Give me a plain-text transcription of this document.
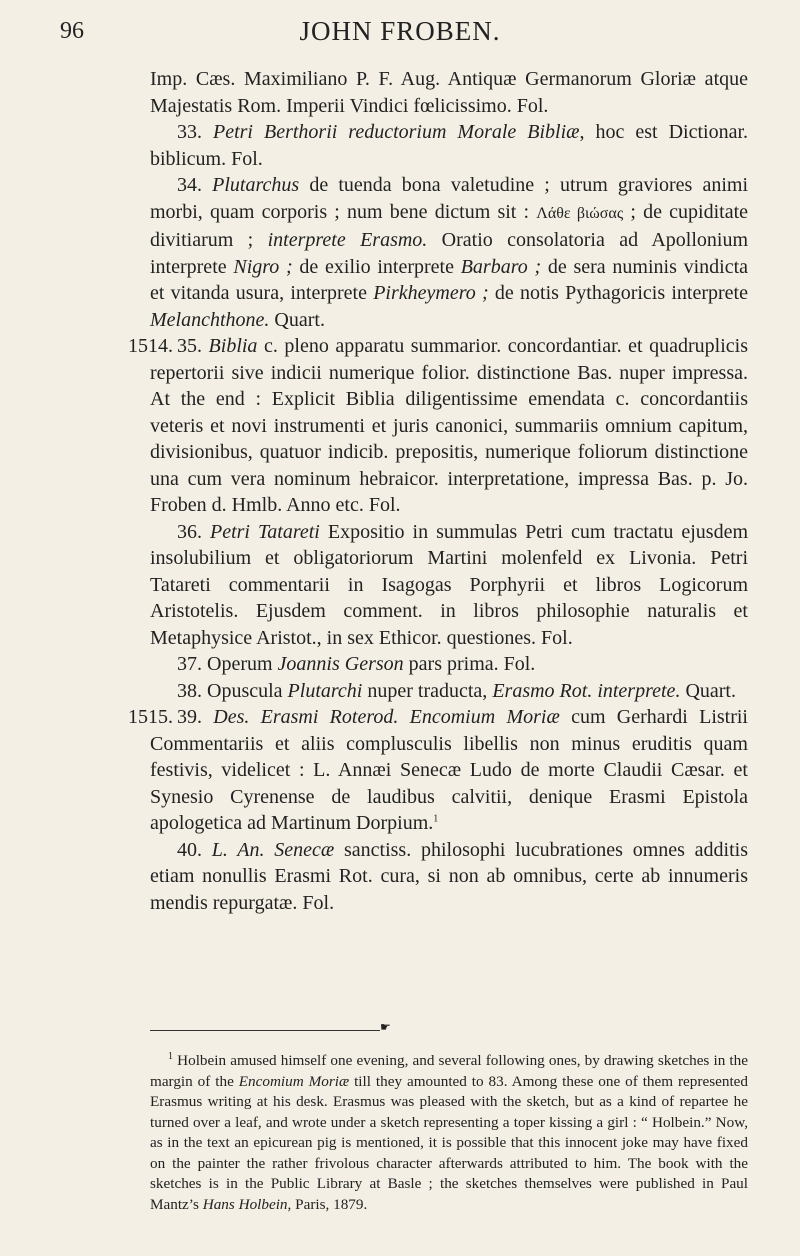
96	JOHN FROBEN.

Imp. Cæs. Maximiliano P. F. Aug. Antiquæ Germanorum Gloriæ atque Majestatis Rom. Imperii Vindici fœlicissimo. Fol.

33. Petri Berthorii reductorium Morale Bibliæ, hoc est Dictionar. biblicum. Fol.

34. Plutarchus de tuenda bona valetudine ; utrum graviores animi morbi, quam corporis ; num bene dictum sit : Λάθε βιώσας ; de cupiditate divitiarum ; interprete Erasmo. Oratio consolatoria ad Apollonium interprete Nigro ; de exilio interprete Barbaro ; de sera numinis vindicta et vitanda usura, interprete Pirkheymero ; de notis Pythagoricis interprete Melanchthone. Quart.

1514. 35. Biblia c. pleno apparatu summarior. concordantiar. et quadruplicis repertorii sive indicii numerique folior. distinctione Bas. nuper impressa. At the end : Explicit Biblia diligentissime emendata c. concordantiis veteris et novi instrumenti et juris canonici, summariis omnium capitum, divisionibus, quatuor indicib. prepositis, numerique foliorum distinctione una cum vera nominum hebraicor. interpretatione, impressa Bas. p. Jo. Froben d. Hmlb. Anno etc. Fol.

36. Petri Tatareti Expositio in summulas Petri cum tractatu ejusdem insolubilium et obligatoriorum Martini molenfeld ex Livonia. Petri Tatareti commentarii in Isagogas Porphyrii et libros Logicorum Aristotelis. Ejusdem comment. in libros philosophie naturalis et Metaphysice Aristot., in sex Ethicor. questiones. Fol.

37. Operum Joannis Gerson pars prima. Fol.

38. Opuscula Plutarchi nuper traducta, Erasmo Rot. interprete. Quart.

1515. 39. Des. Erasmi Roterod. Encomium Moriæ cum Gerhardi Listrii Commentariis et aliis complusculis libellis non minus eruditis quam festivis, videlicet : L. Annæi Senecæ Ludo de morte Claudii Cæsar. et Synesio Cyrenense de laudibus calvitii, denique Erasmi Epistola apologetica ad Martinum Dorpium.$^1$

40. L. An. Senecæ sanctiss. philosophi lucubrationes omnes additis etiam nonullis Erasmi Rot. cura, si non ab omnibus, certe ab innumeris mendis repurgatæ. Fol.

☛

$^1$ Holbein amused himself one evening, and several following ones, by drawing sketches in the margin of the Encomium Moriæ till they amounted to 83. Among these one of them represented Erasmus writing at his desk. Erasmus was pleased with the sketch, but as a kind of repartee he turned over a leaf, and wrote under a sketch representing a toper kissing a girl : “ Holbein.” Now, as in the text an epicurean pig is mentioned, it is possible that this innocent joke may have fixed on the painter the rather frivolous character afterwards attributed to him. The book with the sketches is in the Public Library at Basle ; the sketches themselves were published in Paul Mantz’s Hans Holbein, Paris, 1879.
